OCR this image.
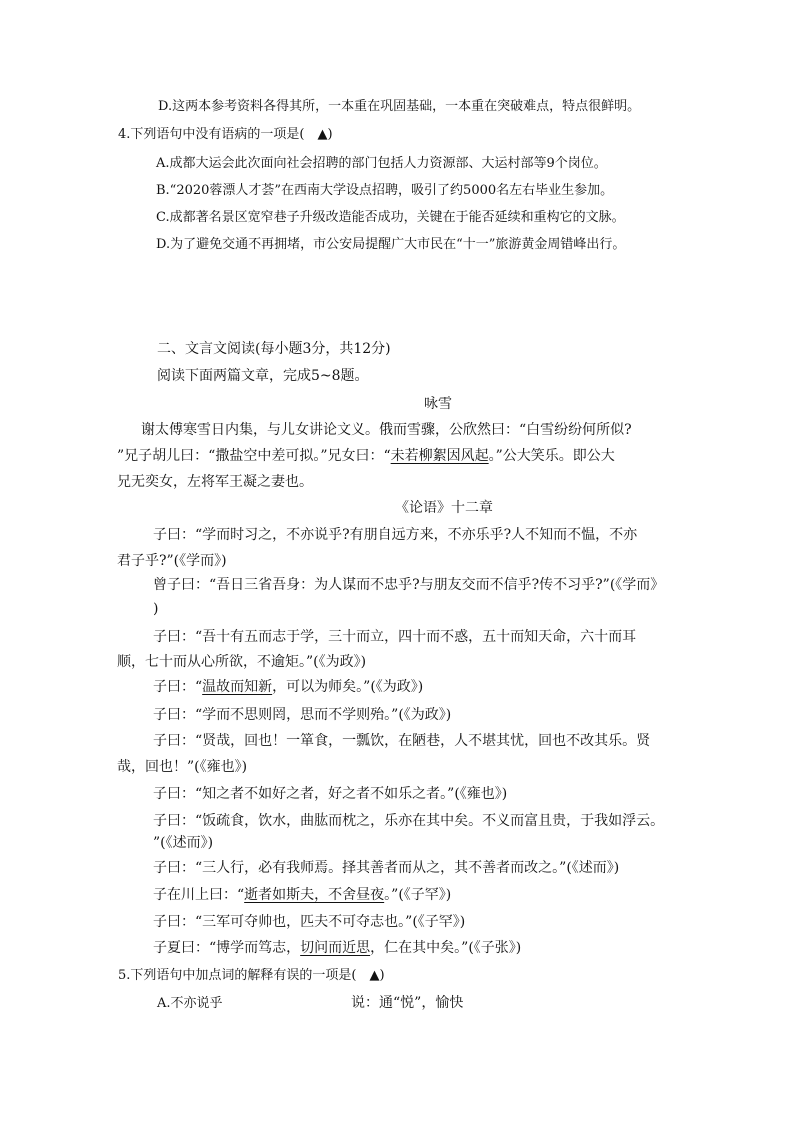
D.这两本参考资料各得其所，一本重在巩固基础，一本重在突破难点，特点很鲜明。
4.下列语句中没有语病的一项是(　▲)
A.成都大运会此次面向社会招聘的部门包括人力资源部、大运村部等9个岗位。
B.“2020蓉漂人才荟”在西南大学设点招聘，吸引了约5000名左右毕业生参加。
C.成都著名景区宽窄巷子升级改造能否成功，关键在于能否延续和重构它的文脉。
D.为了避免交通不再拥堵，市公安局提醒广大市民在“十一”旅游黄金周错峰出行。
二、文言文阅读(每小题3分，共12分)
阅读下面两篇文章，完成5~8题。
咏雪
谢太傅寒雪日内集，与儿女讲论文义。俄而雪骤，公欣然曰：“白雪纷纷何所似?
”兄子胡儿曰：“撒盐空中差可拟。”兄女曰：“未若柳絮因风起。”公大笑乐。即公大
兄无奕女，左将军王凝之妻也。
《论语》十二章
子曰：“学而时习之，不亦说乎?有朋自远方来，不亦乐乎?人不知而不愠，不亦
君子乎?”(《学而》)
曾子曰：“吾日三省吾身：为人谋而不忠乎?与朋友交而不信乎?传不习乎?”(《学而》
)
子曰：“吾十有五而志于学，三十而立，四十而不惑，五十而知天命，六十而耳
顺，七十而从心所欲，不逾矩。”(《为政》)
子曰：“温故而知新，可以为师矣。”(《为政》)
子曰：“学而不思则罔，思而不学则殆。”(《为政》)
子曰：“贤哉，回也！一箪食，一瓢饮，在陋巷，人不堪其忧，回也不改其乐。贤
哉，回也！”(《雍也》)
子曰：“知之者不如好之者，好之者不如乐之者。”(《雍也》)
子曰：“饭疏食，饮水，曲肱而枕之，乐亦在其中矣。不义而富且贵，于我如浮云。
”(《述而》)
子曰：“三人行，必有我师焉。择其善者而从之，其不善者而改之。”(《述而》)
子在川上曰：“逝者如斯夫，不舍昼夜。”(《子罕》)
子曰：“三军可夺帅也，匹夫不可夺志也。”(《子罕》)
子夏曰：“博学而笃志，切问而近思，仁在其中矣。”(《子张》)
5.下列语句中加点词的解释有误的一项是(　▲)
A.不亦说乎	说：通“悦”，愉快
